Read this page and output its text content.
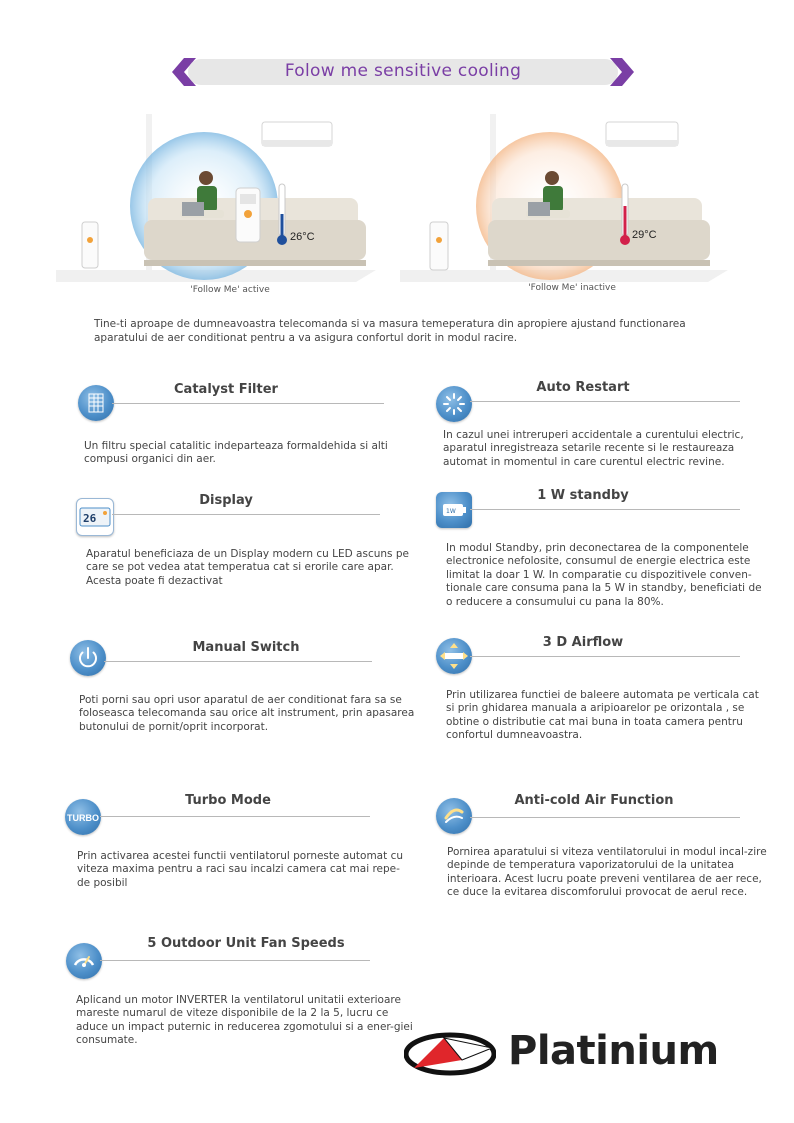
Folow me sensitive cooling
26°C
'Follow Me' active
29°C
'Follow Me' inactive
Tine-ti aproape de dumneavoastra telecomanda si va masura temeperatura din apropiere ajustand functionarea aparatului de aer conditionat pentru a va asigura confortul dorit in modul racire.
Catalyst Filter
Un filtru special catalitic indeparteaza formaldehida si alti compusi organici din aer.
Auto Restart
In cazul unei intreruperi accidentale a curentului electric, aparatul inregistreaza setarile recente si le restaureaza automat in momentul in care curentul electric revine.
26
Display
Aparatul beneficiaza de un Display modern cu LED ascuns pe care se pot vedea atat temperatua cat si erorile care apar. Acesta poate fi dezactivat
1W
1 W standby
In modul Standby, prin deconectarea de la componentele electronice nefolosite, consumul de energie electrica este limitat la doar 1 W. In comparatie cu dispozitivele conven-tionale care consuma pana la 5 W in standby, beneficiati de o reducere a consumului cu pana la 80%.
Manual Switch
Poti porni sau opri usor aparatul de aer conditionat fara sa se foloseasca telecomanda sau orice alt instrument, prin apasarea butonului de pornit/oprit incorporat.
3 D Airflow
Prin utilizarea functiei de baleere automata pe verticala cat si prin ghidarea manuala a aripioarelor pe orizontala , se obtine o distributie cat mai buna in toata camera pentru confortul dumneavoastra.
TURBO
Turbo Mode
Prin activarea acestei functii ventilatorul porneste automat cu viteza maxima pentru a raci sau incalzi camera cat mai repe-de posibil
Anti-cold Air Function
Pornirea aparatului si viteza ventilatorului in modul incal-zire depinde de temperatura vaporizatorului de la unitatea interioara. Acest lucru poate preveni ventilarea de aer rece, ce duce la evitarea discomforului provocat de aerul rece.
5 Outdoor Unit Fan Speeds
Aplicand un motor INVERTER la ventilatorul unitatii exterioare mareste numarul de viteze disponibile de la 2 la 5, lucru ce aduce un impact puternic in reducerea zgomotului si a ener-giei consumate.	Platinium
